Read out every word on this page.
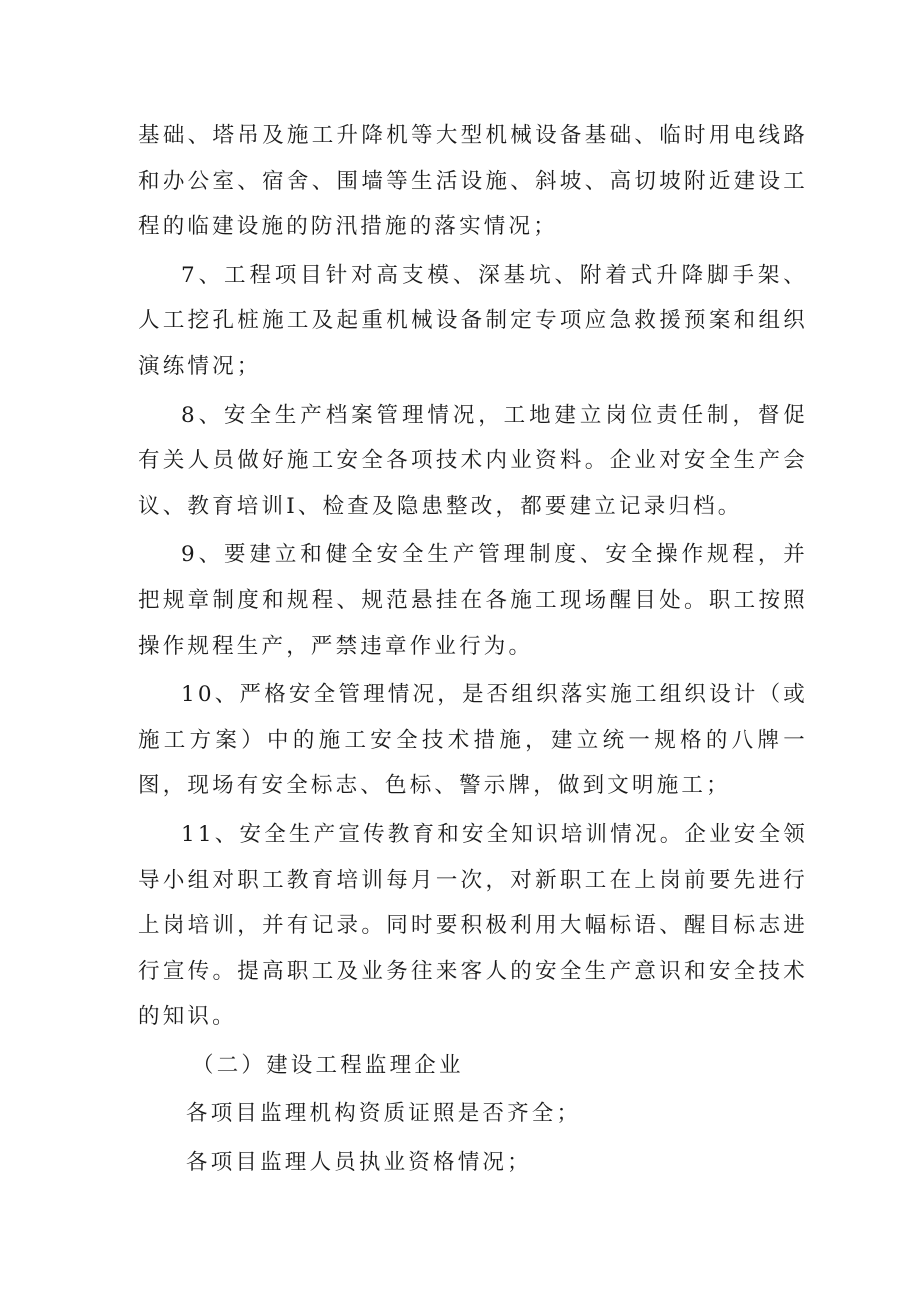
基础、塔吊及施工升降机等大型机械设备基础、临时用电线路和办公室、宿舍、围墙等生活设施、斜坡、高切坡附近建设工程的临建设施的防汛措施的落实情况；

7、工程项目针对高支模、深基坑、附着式升降脚手架、人工挖孔桩施工及起重机械设备制定专项应急救援预案和组织演练情况；

8、安全生产档案管理情况，工地建立岗位责任制，督促有关人员做好施工安全各项技术内业资料。企业对安全生产会议、教育培训I、检查及隐患整改，都要建立记录归档。

9、要建立和健全安全生产管理制度、安全操作规程，并把规章制度和规程、规范悬挂在各施工现场醒目处。职工按照操作规程生产，严禁违章作业行为。

10、严格安全管理情况，是否组织落实施工组织设计（或施工方案）中的施工安全技术措施，建立统一规格的八牌一图，现场有安全标志、色标、警示牌，做到文明施工；

11、安全生产宣传教育和安全知识培训情况。企业安全领导小组对职工教育培训每月一次，对新职工在上岗前要先进行上岗培训，并有记录。同时要积极利用大幅标语、醒目标志进行宣传。提高职工及业务往来客人的安全生产意识和安全技术的知识。

（二）建设工程监理企业

各项目监理机构资质证照是否齐全；

各项目监理人员执业资格情况；
